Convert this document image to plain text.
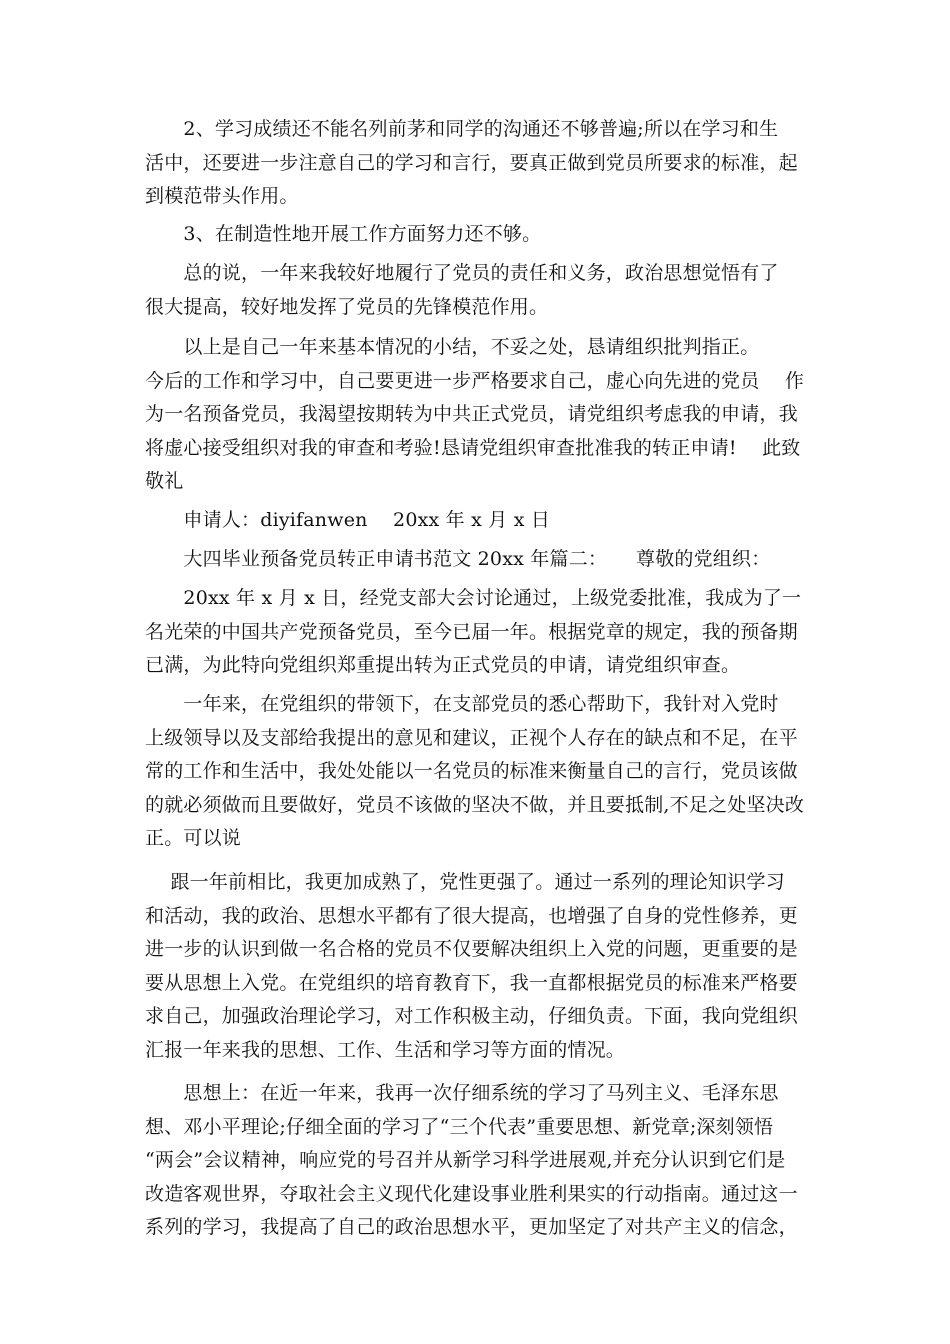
　　2、学习成绩还不能名列前茅和同学的沟通还不够普遍;所以在学习和生
活中，还要进一步注意自己的学习和言行，要真正做到党员所要求的标准，起
到模范带头作用。

　　3、在制造性地开展工作方面努力还不够。

　　总的说，一年来我较好地履行了党员的责任和义务，政治思想觉悟有了
很大提高，较好地发挥了党员的先锋模范作用。

　　以上是自己一年来基本情况的小结，不妥之处，恳请组织批判指正。
今后的工作和学习中，自己要更进一步严格要求自己，虚心向先进的党员　 作
为一名预备党员，我渴望按期转为中共正式党员，请党组织考虑我的申请，我
将虚心接受组织对我的审查和考验!恳请党组织审查批准我的转正申请!　 此致
敬礼

　　申请人：diyifanwen　 20xx 年 x 月 x 日

　　大四毕业预备党员转正申请书范文 20xx 年篇二：　　尊敬的党组织：

　　20xx 年 x 月 x 日，经党支部大会讨论通过，上级党委批准，我成为了一
名光荣的中国共产党预备党员，至今已届一年。根据党章的规定，我的预备期
已满，为此特向党组织郑重提出转为正式党员的申请，请党组织审查。

　　一年来，在党组织的带领下，在支部党员的悉心帮助下，我针对入党时
上级领导以及支部给我提出的意见和建议，正视个人存在的缺点和不足，在平
常的工作和生活中，我处处能以一名党员的标准来衡量自己的言行，党员该做
的就必须做而且要做好，党员不该做的坚决不做，并且要抵制,不足之处坚决改
正。可以说

　 跟一年前相比，我更加成熟了，党性更强了。通过一系列的理论知识学习
和活动，我的政治、思想水平都有了很大提高，也增强了自身的党性修养，更
进一步的认识到做一名合格的党员不仅要解决组织上入党的问题，更重要的是
要从思想上入党。在党组织的培育教育下，我一直都根据党员的标准来严格要
求自己，加强政治理论学习，对工作积极主动，仔细负责。下面，我向党组织
汇报一年来我的思想、工作、生活和学习等方面的情况。

　　思想上：在近一年来，我再一次仔细系统的学习了马列主义、毛泽东思
想、邓小平理论;仔细全面的学习了“三个代表”重要思想、新党章;深刻领悟
“两会”会议精神，响应党的号召并从新学习科学进展观,并充分认识到它们是
改造客观世界，夺取社会主义现代化建设事业胜利果实的行动指南。通过这一
系列的学习，我提高了自己的政治思想水平，更加坚定了对共产主义的信念，
